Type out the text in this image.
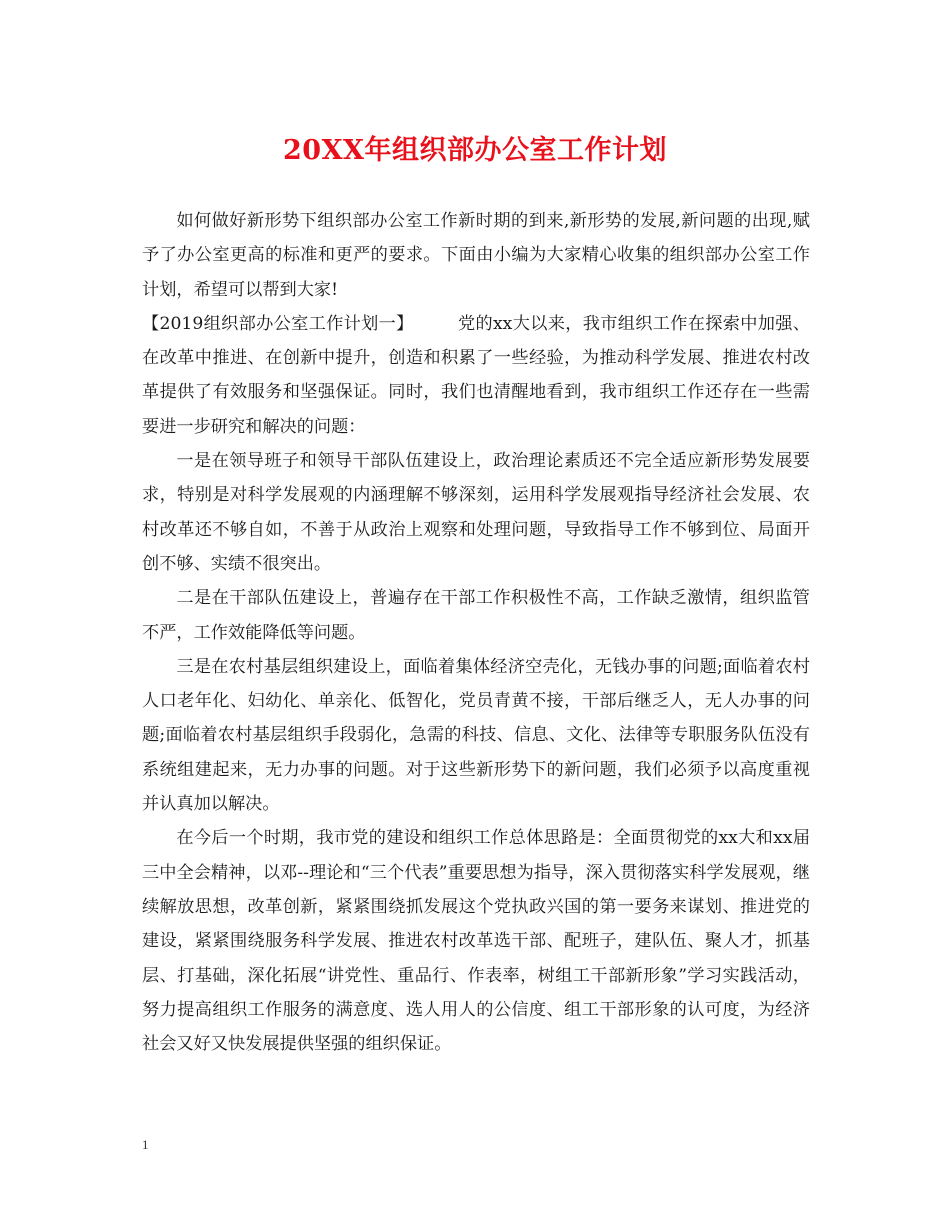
20XX年组织部办公室工作计划

如何做好新形势下组织部办公室工作新时期的到来,新形势的发展,新问题的出现,赋予了办公室更高的标准和更严的要求。下面由小编为大家精心收集的组织部办公室工作计划，希望可以帮到大家!

【2019组织部办公室工作计划一】	党的xx大以来，我市组织工作在探索中加强、在改革中推进、在创新中提升，创造和积累了一些经验，为推动科学发展、推进农村改革提供了有效服务和坚强保证。同时，我们也清醒地看到，我市组织工作还存在一些需要进一步研究和解决的问题：

一是在领导班子和领导干部队伍建设上，政治理论素质还不完全适应新形势发展要求，特别是对科学发展观的内涵理解不够深刻，运用科学发展观指导经济社会发展、农村改革还不够自如，不善于从政治上观察和处理问题，导致指导工作不够到位、局面开创不够、实绩不很突出。

二是在干部队伍建设上，普遍存在干部工作积极性不高，工作缺乏激情，组织监管不严，工作效能降低等问题。

三是在农村基层组织建设上，面临着集体经济空壳化，无钱办事的问题;面临着农村人口老年化、妇幼化、单亲化、低智化，党员青黄不接，干部后继乏人，无人办事的问题;面临着农村基层组织手段弱化，急需的科技、信息、文化、法律等专职服务队伍没有系统组建起来，无力办事的问题。对于这些新形势下的新问题，我们必须予以高度重视并认真加以解决。

在今后一个时期，我市党的建设和组织工作总体思路是：全面贯彻党的xx大和xx届三中全会精神，以邓--理论和“三个代表”重要思想为指导，深入贯彻落实科学发展观，继续解放思想，改革创新，紧紧围绕抓发展这个党执政兴国的第一要务来谋划、推进党的建设，紧紧围绕服务科学发展、推进农村改革选干部、配班子，建队伍、聚人才，抓基层、打基础，深化拓展“讲党性、重品行、作表率，树组工干部新形象”学习实践活动，努力提高组织工作服务的满意度、选人用人的公信度、组工干部形象的认可度，为经济社会又好又快发展提供坚强的组织保证。

1
